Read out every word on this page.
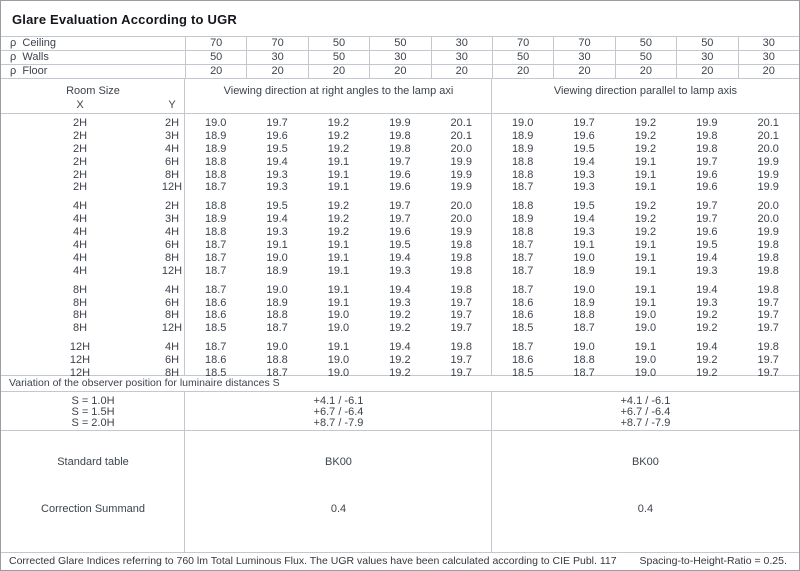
Glare Evaluation According to UGR
ρ  Ceiling	70	70	50	50	30	70	70	50	50	30
ρ  Walls	50	30	50	30	30	50	30	50	30	30
ρ  Floor	20	20	20	20	20	20	20	20	20	20
Room Size
X	Y
Viewing direction at right angles to the lamp axi	Viewing direction parallel to lamp axis
2H	2H	19.0	19.7	19.2	19.9	20.1	19.0	19.7	19.2	19.9	20.1
2H	3H	18.9	19.6	19.2	19.8	20.1	18.9	19.6	19.2	19.8	20.1
2H	4H	18.9	19.5	19.2	19.8	20.0	18.9	19.5	19.2	19.8	20.0
2H	6H	18.8	19.4	19.1	19.7	19.9	18.8	19.4	19.1	19.7	19.9
2H	8H	18.8	19.3	19.1	19.6	19.9	18.8	19.3	19.1	19.6	19.9
2H	12H	18.7	19.3	19.1	19.6	19.9	18.7	19.3	19.1	19.6	19.9
4H	2H	18.8	19.5	19.2	19.7	20.0	18.8	19.5	19.2	19.7	20.0
4H	3H	18.9	19.4	19.2	19.7	20.0	18.9	19.4	19.2	19.7	20.0
4H	4H	18.8	19.3	19.2	19.6	19.9	18.8	19.3	19.2	19.6	19.9
4H	6H	18.7	19.1	19.1	19.5	19.8	18.7	19.1	19.1	19.5	19.8
4H	8H	18.7	19.0	19.1	19.4	19.8	18.7	19.0	19.1	19.4	19.8
4H	12H	18.7	18.9	19.1	19.3	19.8	18.7	18.9	19.1	19.3	19.8
8H	4H	18.7	19.0	19.1	19.4	19.8	18.7	19.0	19.1	19.4	19.8
8H	6H	18.6	18.9	19.1	19.3	19.7	18.6	18.9	19.1	19.3	19.7
8H	8H	18.6	18.8	19.0	19.2	19.7	18.6	18.8	19.0	19.2	19.7
8H	12H	18.5	18.7	19.0	19.2	19.7	18.5	18.7	19.0	19.2	19.7
12H	4H	18.7	19.0	19.1	19.4	19.8	18.7	19.0	19.1	19.4	19.8
12H	6H	18.6	18.8	19.0	19.2	19.7	18.6	18.8	19.0	19.2	19.7
12H	8H	18.5	18.7	19.0	19.2	19.7	18.5	18.7	19.0	19.2	19.7
Variation of the observer position for luminaire distances S
S = 1.0H	+4.1 / -6.1	+4.1 / -6.1
S = 1.5H	+6.7 / -6.4	+6.7 / -6.4
S = 2.0H	+8.7 / -7.9	+8.7 / -7.9
Standard table	BK00	BK00
Correction Summand	0.4	0.4
Corrected Glare Indices referring to 760 lm Total Luminous Flux. The UGR values have been calculated according to CIE Publ. 117 Spacing-to-Height-Ratio = 0.25.
